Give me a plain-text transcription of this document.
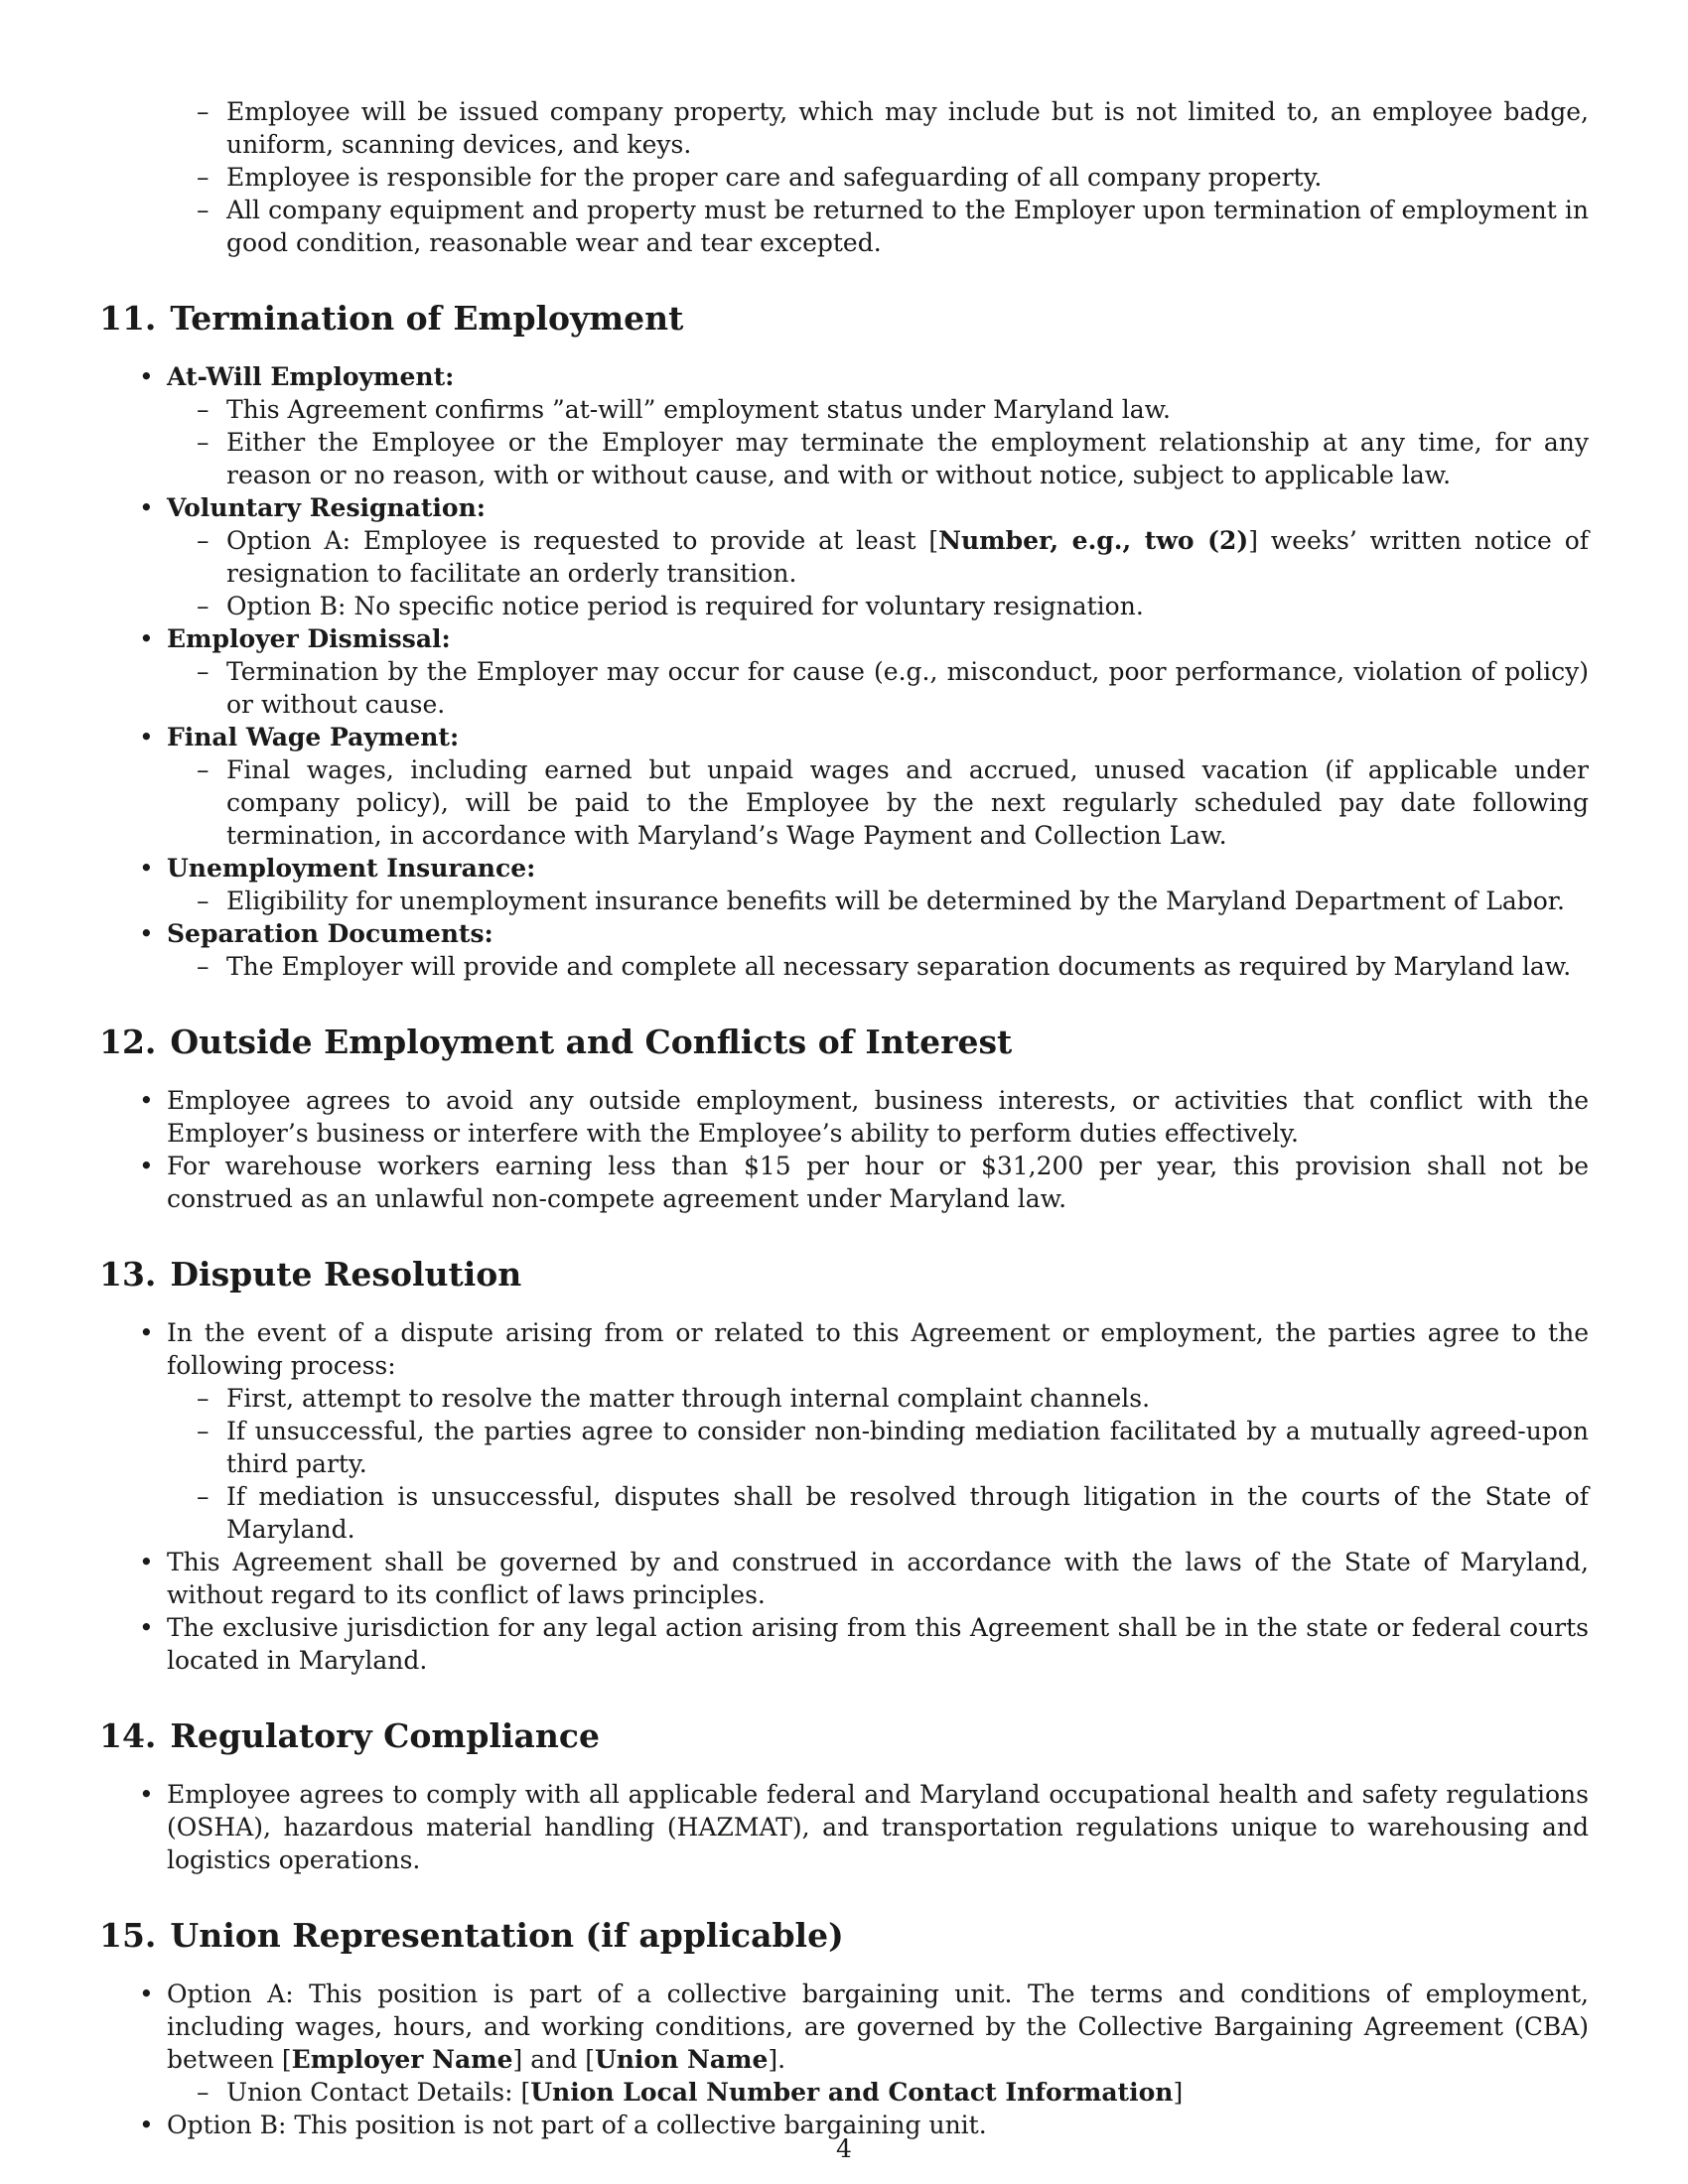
– Employee will be issued company property, which may include but is not limited to, an employee badge, uniform, scanning devices, and keys.
– Employee is responsible for the proper care and safeguarding of all company property.
– All company equipment and property must be returned to the Employer upon termination of employment in good condition, reasonable wear and tear excepted.
11. Termination of Employment
• At-Will Employment:
– This Agreement confirms ”at-will” employment status under Maryland law.
– Either the Employee or the Employer may terminate the employment relationship at any time, for any reason or no reason, with or without cause, and with or without notice, subject to applicable law.
• Voluntary Resignation:
– Option A: Employee is requested to provide at least [Number, e.g., two (2)] weeks’ written notice of resignation to facilitate an orderly transition.
– Option B: No specific notice period is required for voluntary resignation.
• Employer Dismissal:
– Termination by the Employer may occur for cause (e.g., misconduct, poor performance, violation of policy) or without cause.
• Final Wage Payment:
– Final wages, including earned but unpaid wages and accrued, unused vacation (if applicable under company policy), will be paid to the Employee by the next regularly scheduled pay date following termination, in accordance with Maryland’s Wage Payment and Collection Law.
• Unemployment Insurance:
– Eligibility for unemployment insurance benefits will be determined by the Maryland Department of Labor.
• Separation Documents:
– The Employer will provide and complete all necessary separation documents as required by Maryland law.
12. Outside Employment and Conflicts of Interest
• Employee agrees to avoid any outside employment, business interests, or activities that conflict with the Employer’s business or interfere with the Employee’s ability to perform duties effectively.
• For warehouse workers earning less than $15 per hour or $31,200 per year, this provision shall not be construed as an unlawful non-compete agreement under Maryland law.
13. Dispute Resolution
• In the event of a dispute arising from or related to this Agreement or employment, the parties agree to the following process:
– First, attempt to resolve the matter through internal complaint channels.
– If unsuccessful, the parties agree to consider non-binding mediation facilitated by a mutually agreed-upon third party.
– If mediation is unsuccessful, disputes shall be resolved through litigation in the courts of the State of Maryland.
• This Agreement shall be governed by and construed in accordance with the laws of the State of Maryland, without regard to its conflict of laws principles.
• The exclusive jurisdiction for any legal action arising from this Agreement shall be in the state or federal courts located in Maryland.
14. Regulatory Compliance
• Employee agrees to comply with all applicable federal and Maryland occupational health and safety regulations (OSHA), hazardous material handling (HAZMAT), and transportation regulations unique to warehousing and logistics operations.
15. Union Representation (if applicable)
• Option A: This position is part of a collective bargaining unit. The terms and conditions of employment, including wages, hours, and working conditions, are governed by the Collective Bargaining Agreement (CBA) between [Employer Name] and [Union Name].
– Union Contact Details: [Union Local Number and Contact Information]
• Option B: This position is not part of a collective bargaining unit.
4
